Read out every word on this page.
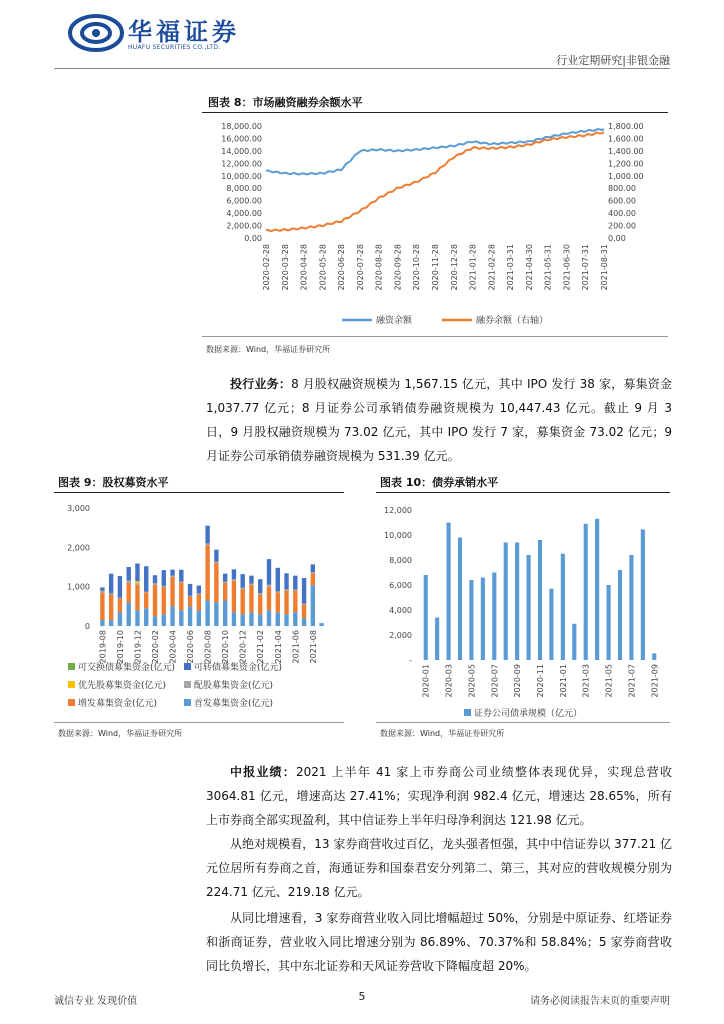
华福证券
HUAFU SECURITIES CO.,LTD.
行业定期研究|非银金融
图表 8：市场融资融券余额水平
18,000.00
16,000.00
14,000.00
12,000.00
10,000.00
8,000.00
6,000.00
4,000.00
2,000.00
0.00
1,800.00
1,600.00
1,400.00
1,200.00
1,000.00
800.00
600.00
400.00
200.00
0.00
2020-02-28 2020-03-28 2020-04-28 2020-05-28 2020-06-28 2020-07-28 2020-08-28 2020-09-28 2020-10-28 2020-11-28 2020-12-28 2021-01-28 2021-02-28 2021-03-31 2021-04-30 2021-05-31 2021-06-30 2021-07-31 2021-08-31
融资余额	融券余额（右轴）
数据来源：Wind，华福证券研究所
投行业务：8 月股权融资规模为 1,567.15 亿元，其中 IPO 发行 38 家，募集资金 1,037.77 亿元；8 月证券公司承销债券融资规模为 10,447.43 亿元。截止 9 月 3 日，9 月股权融资规模为 73.02 亿元，其中 IPO 发行 7 家，募集资金 73.02 亿元；9 月证券公司承销债券融资规模为 531.39 亿元。
图表 9：股权募资水平
3,000
2,000
1,000
0
2019-08 2019-10 2019-12 2020-02 2020-04 2020-06 2020-08 2020-10 2020-12 2021-02 2021-04 2021-06 2021-08
首发募集资金(亿元)
增发募集资金(亿元)
配股募集资金(亿元)
优先股募集资金(亿元)
可转债募集资金(亿元)
可交换债募集资金(亿元)
数据来源：Wind，华福证券研究所
图表 10：债券承销水平
12,000
10,000
8,000
6,000
4,000
2,000
-
2020-01 2020-03 2020-05 2020-07 2020-09 2020-11 2021-01 2021-03 2021-05 2021-07 2021-09
证券公司债承规模（亿元）
数据来源：Wind，华福证券研究所
中报业绩：2021 上半年 41 家上市券商公司业绩整体表现优异，实现总营收 3064.81 亿元，增速高达 27.41%；实现净利润 982.4 亿元，增速达 28.65%，所有上市券商全部实现盈利，其中信证券上半年归母净利润达 121.98 亿元。
从绝对规模看，13 家券商营收过百亿，龙头强者恒强，其中中信证券以 377.21 亿元位居所有券商之首，海通证券和国泰君安分列第二、第三，其对应的营收规模分别为 224.71 亿元、219.18 亿元。
从同比增速看，3 家券商营业收入同比增幅超过 50%，分别是中原证券、红塔证券和浙商证券，营业收入同比增速分别为 86.89%、70.37%和 58.84%；5 家券商营收同比负增长，其中东北证券和天风证券营收下降幅度超 20%。
诚信专业 发现价值	5	请务必阅读报告末页的重要声明
